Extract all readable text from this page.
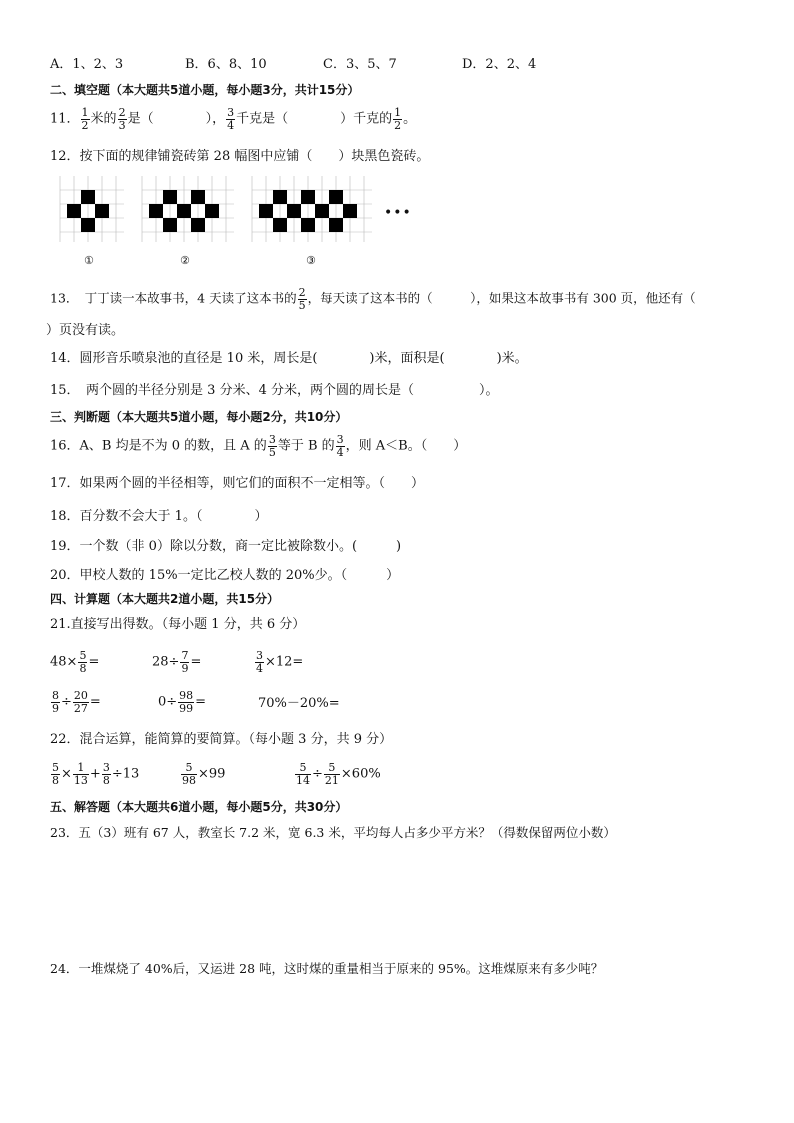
A．1、2、3	B．6、8、10	C．3、5、7	D．2、2、4
二、填空题（本大题共5道小题，每小题3分，共计15分）
11． $\frac{1}{2}$ 米的 $\frac{2}{3}$ 是（　　　　）， $\frac{3}{4}$ 千克是（　　　　）千克的 $\frac{1}{2}$ 。
12．按下面的规律铺瓷砖第 28 幅图中应铺（　　）块黑色瓷砖。
•••
①	②	③
13．　丁丁读一本故事书，4 天读了这本书的 $\frac{2}{5}$ ，每天读了这本书的（　　　），如果这本故事书有 300 页，他还有（
）页没有读。
14．圆形音乐喷泉池的直径是 10 米，周长是(　　　　)米，面积是(　　　　)米。
15．　两个圆的半径分别是 3 分米、4 分米，两个圆的周长是（　　　　　）。
三、判断题（本大题共5道小题，每小题2分，共10分）
16．A、B 均是不为 0 的数，且 A 的 $\frac{3}{5}$ 等于 B 的 $\frac{3}{4}$ ，则 A＜B。（　　）
17．如果两个圆的半径相等，则它们的面积不一定相等。（　　）
18．百分数不会大于 1。（　　　　）
19．一个数（非 0）除以分数，商一定比被除数小。(　　　)
20．甲校人数的 15%一定比乙校人数的 20%少。（　　　）
四、计算题（本大题共2道小题，共15分）
21.直接写出得数。（每小题 1 分，共 6 分）
$48\times \frac{5}{8}$ =	$28\div \frac{7}{9}$ =	$\frac{3}{4} \times 12=$
$\frac{8}{9} \div \frac{20}{27}$ =	$0\div \frac{98}{99}$ =	70%－20%=
22．混合运算，能简算的要简算。（每小题 3 分，共 9 分）
$\frac{5}{8} \times \frac{1}{13} + \frac{3}{8} \div 13$	$\frac{5}{98} \times 99$	$\frac{5}{14} \div \frac{5}{21} \times 60\%$
五、解答题（本大题共6道小题，每小题5分，共30分）
23．五（3）班有 67 人，教室长 7.2 米，宽 6.3 米，平均每人占多少平方米？（得数保留两位小数）
24．一堆煤烧了 40%后，又运进 28 吨，这时煤的重量相当于原来的 95%。这堆煤原来有多少吨？
